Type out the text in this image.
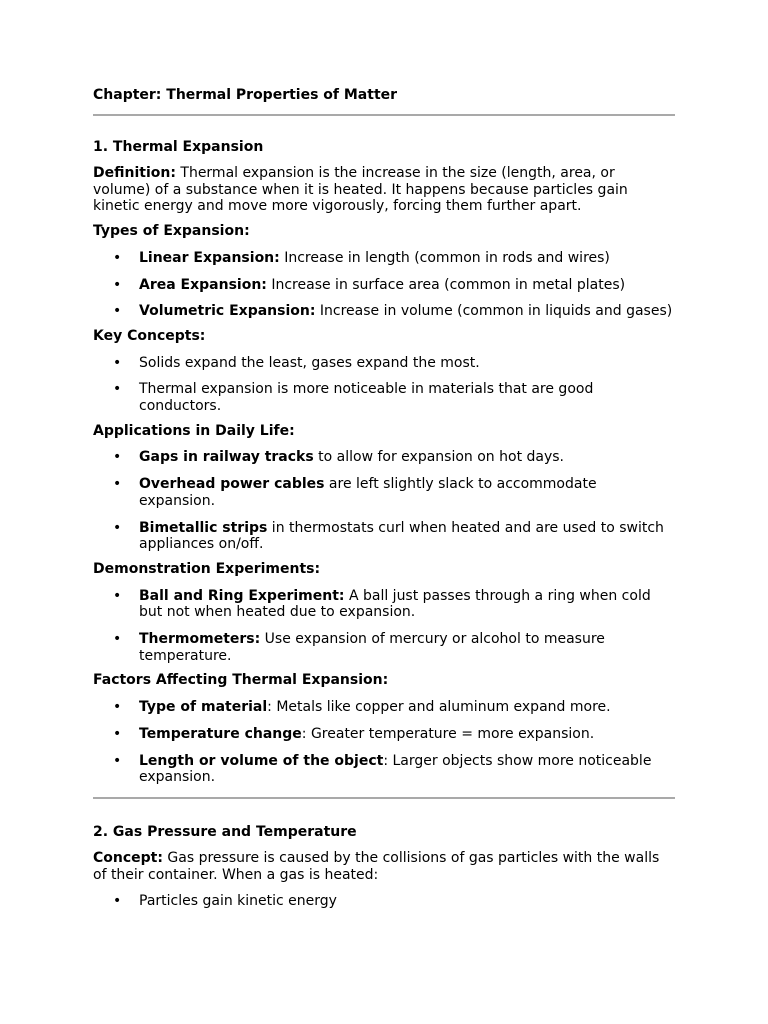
Chapter: Thermal Properties of Matter

1. Thermal Expansion

Definition: Thermal expansion is the increase in the size (length, area, or volume) of a substance when it is heated. It happens because particles gain kinetic energy and move more vigorously, forcing them further apart.

Types of Expansion:

• Linear Expansion: Increase in length (common in rods and wires)
• Area Expansion: Increase in surface area (common in metal plates)
• Volumetric Expansion: Increase in volume (common in liquids and gases)

Key Concepts:

• Solids expand the least, gases expand the most.
• Thermal expansion is more noticeable in materials that are good conductors.

Applications in Daily Life:

• Gaps in railway tracks to allow for expansion on hot days.
• Overhead power cables are left slightly slack to accommodate expansion.
• Bimetallic strips in thermostats curl when heated and are used to switch appliances on/off.

Demonstration Experiments:

• Ball and Ring Experiment: A ball just passes through a ring when cold but not when heated due to expansion.
• Thermometers: Use expansion of mercury or alcohol to measure temperature.

Factors Affecting Thermal Expansion:

• Type of material: Metals like copper and aluminum expand more.
• Temperature change: Greater temperature = more expansion.
• Length or volume of the object: Larger objects show more noticeable expansion.

2. Gas Pressure and Temperature

Concept: Gas pressure is caused by the collisions of gas particles with the walls of their container. When a gas is heated:

• Particles gain kinetic energy
